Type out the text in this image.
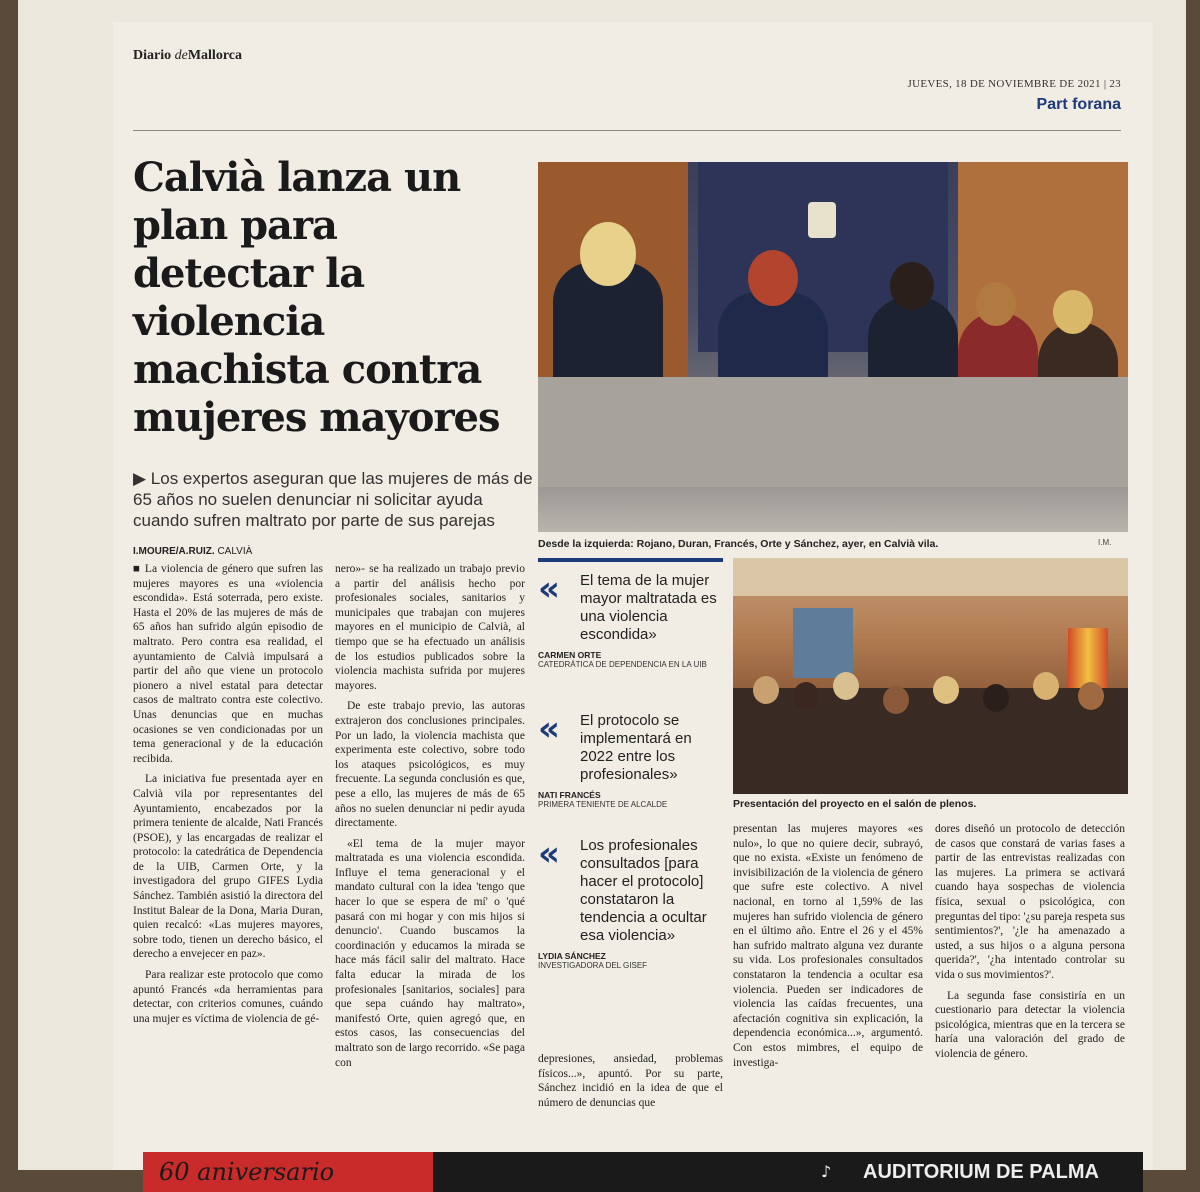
Diario deMallorca
JUEVES, 18 DE NOVIEMBRE DE 2021 | 23
Part forana
Calvià lanza un plan para detectar la violencia machista contra mujeres mayores
▶ Los expertos aseguran que las mujeres de más de 65 años no suelen denunciar ni solicitar ayuda cuando sufren maltrato por parte de sus parejas
I.MOURE/A.RUIZ. CALVIÀ
Desde la izquierda: Rojano, Duran, Francés, Orte y Sánchez, ayer, en Calvià vila.	I.M.
« El tema de la mujer mayor maltratada es una violencia escondida»
CARMEN ORTE
CATEDRÁTICA DE DEPENDENCIA EN LA UIB
« El protocolo se implementará en 2022 entre los profesionales»
NATI FRANCÉS
PRIMERA TENIENTE DE ALCALDE
« Los profesionales consultados [para hacer el protocolo] constataron la tendencia a ocultar esa violencia»
LYDIA SÁNCHEZ
INVESTIGADORA DEL GISEF
Presentación del proyecto en el salón de plenos.

■ La violencia de género que sufren las mujeres mayores es una «violencia escondida». Está soterrada, pero existe. Hasta el 20% de las mujeres de más de 65 años han sufrido algún episodio de maltrato. Pero contra esa realidad, el ayuntamiento de Calvià impulsará a partir del año que viene un protocolo pionero a nivel estatal para detectar casos de maltrato contra este colectivo. Unas denuncias que en muchas ocasiones se ven condicionadas por un tema generacional y de la educación recibida.

La iniciativa fue presentada ayer en Calvià vila por representantes del Ayuntamiento, encabezados por la primera teniente de alcalde, Nati Francés (PSOE), y las encargadas de realizar el protocolo: la catedrática de Dependencia de la UIB, Carmen Orte, y la investigadora del grupo GIFES Lydia Sánchez. También asistió la directora del Institut Balear de la Dona, Maria Duran, quien recalcó: «Las mujeres mayores, sobre todo, tienen un derecho básico, el derecho a envejecer en paz».

Para realizar este protocolo que como apuntó Francés «da herramientas para detectar, con criterios comunes, cuándo una mujer es víctima de violencia de gé-

nero»- se ha realizado un trabajo previo a partir del análisis hecho por profesionales sociales, sanitarios y municipales que trabajan con mujeres mayores en el municipio de Calvià, al tiempo que se ha efectuado un análisis de los estudios publicados sobre la violencia machista sufrida por mujeres mayores.

De este trabajo previo, las autoras extrajeron dos conclusiones principales. Por un lado, la violencia machista que experimenta este colectivo, sobre todo los ataques psicológicos, es muy frecuente. La segunda conclusión es que, pese a ello, las mujeres de más de 65 años no suelen denunciar ni pedir ayuda directamente.

«El tema de la mujer mayor maltratada es una violencia escondida. Influye el tema generacional y el mandato cultural con la idea 'tengo que hacer lo que se espera de mí' o 'qué pasará con mi hogar y con mis hijos si denuncio'. Cuando buscamos la coordinación y educamos la mirada se hace más fácil salir del maltrato. Hace falta educar la mirada de los profesionales [sanitarios, sociales] para que sepa cuándo hay maltrato», manifestó Orte, quien agregó que, en estos casos, las consecuencias del maltrato son de largo recorrido. «Se paga con	depresiones, ansiedad, problemas físicos...», apuntó. Por su parte, Sánchez incidió en la idea de que el número de denuncias que

presentan las mujeres mayores «es nulo», lo que no quiere decir, subrayó, que no exista. «Existe un fenómeno de invisibilización de la violencia de género que sufre este colectivo. A nivel nacional, en torno al 1,59% de las mujeres han sufrido violencia de género en el último año. Entre el 26 y el 45% han sufrido maltrato alguna vez durante su vida. Los profesionales consultados constataron la tendencia a ocultar esa violencia. Pueden ser indicadores de violencia las caídas frecuentes, una afectación cognitiva sin explicación, la dependencia económica...», argumentó. Con estos mimbres, el equipo de investiga-

dores diseñó un protocolo de detección de casos que constará de varias fases a partir de las entrevistas realizadas con las mujeres. La primera se activará cuando haya sospechas de violencia física, sexual o psicológica, con preguntas del tipo: '¿su pareja respeta sus sentimientos?', '¿le ha amenazado a usted, a sus hijos o a alguna persona querida?', '¿ha intentado controlar su vida o sus movimientos?'.

La segunda fase consistiría en un cuestionario para detectar la violencia psicológica, mientras que en la tercera se haría una valoración del grado de violencia de género.

60 aniversario	♪	AUDITORIUM DE PALMA
